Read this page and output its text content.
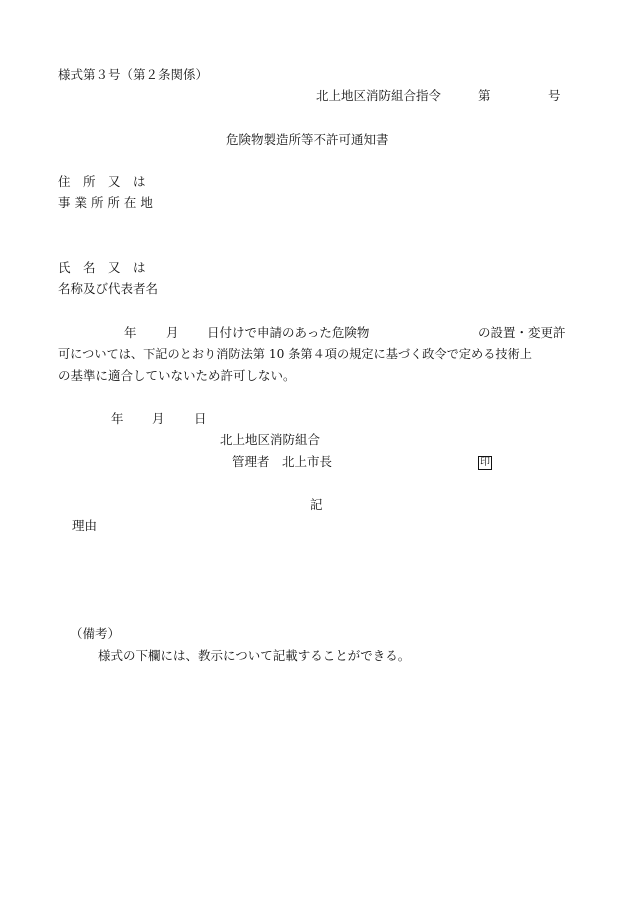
様式第３号（第２条関係）
北上地区消防組合指令	第	号
危険物製造所等不許可通知書
住　所　又　は
事 業 所 所 在 地
氏　名　又　は
名称及び代表者名
年 月 日付けで申請のあった危険物	の設置・変更許
可については、下記のとおり消防法第 10 条第４項の規定に基づく政令で定める技術上
の基準に適合していないため許可しない。
年 月 日
北上地区消防組合
管理者　北上市長	印
記
理由
（備考）
様式の下欄には、教示について記載することができる。
